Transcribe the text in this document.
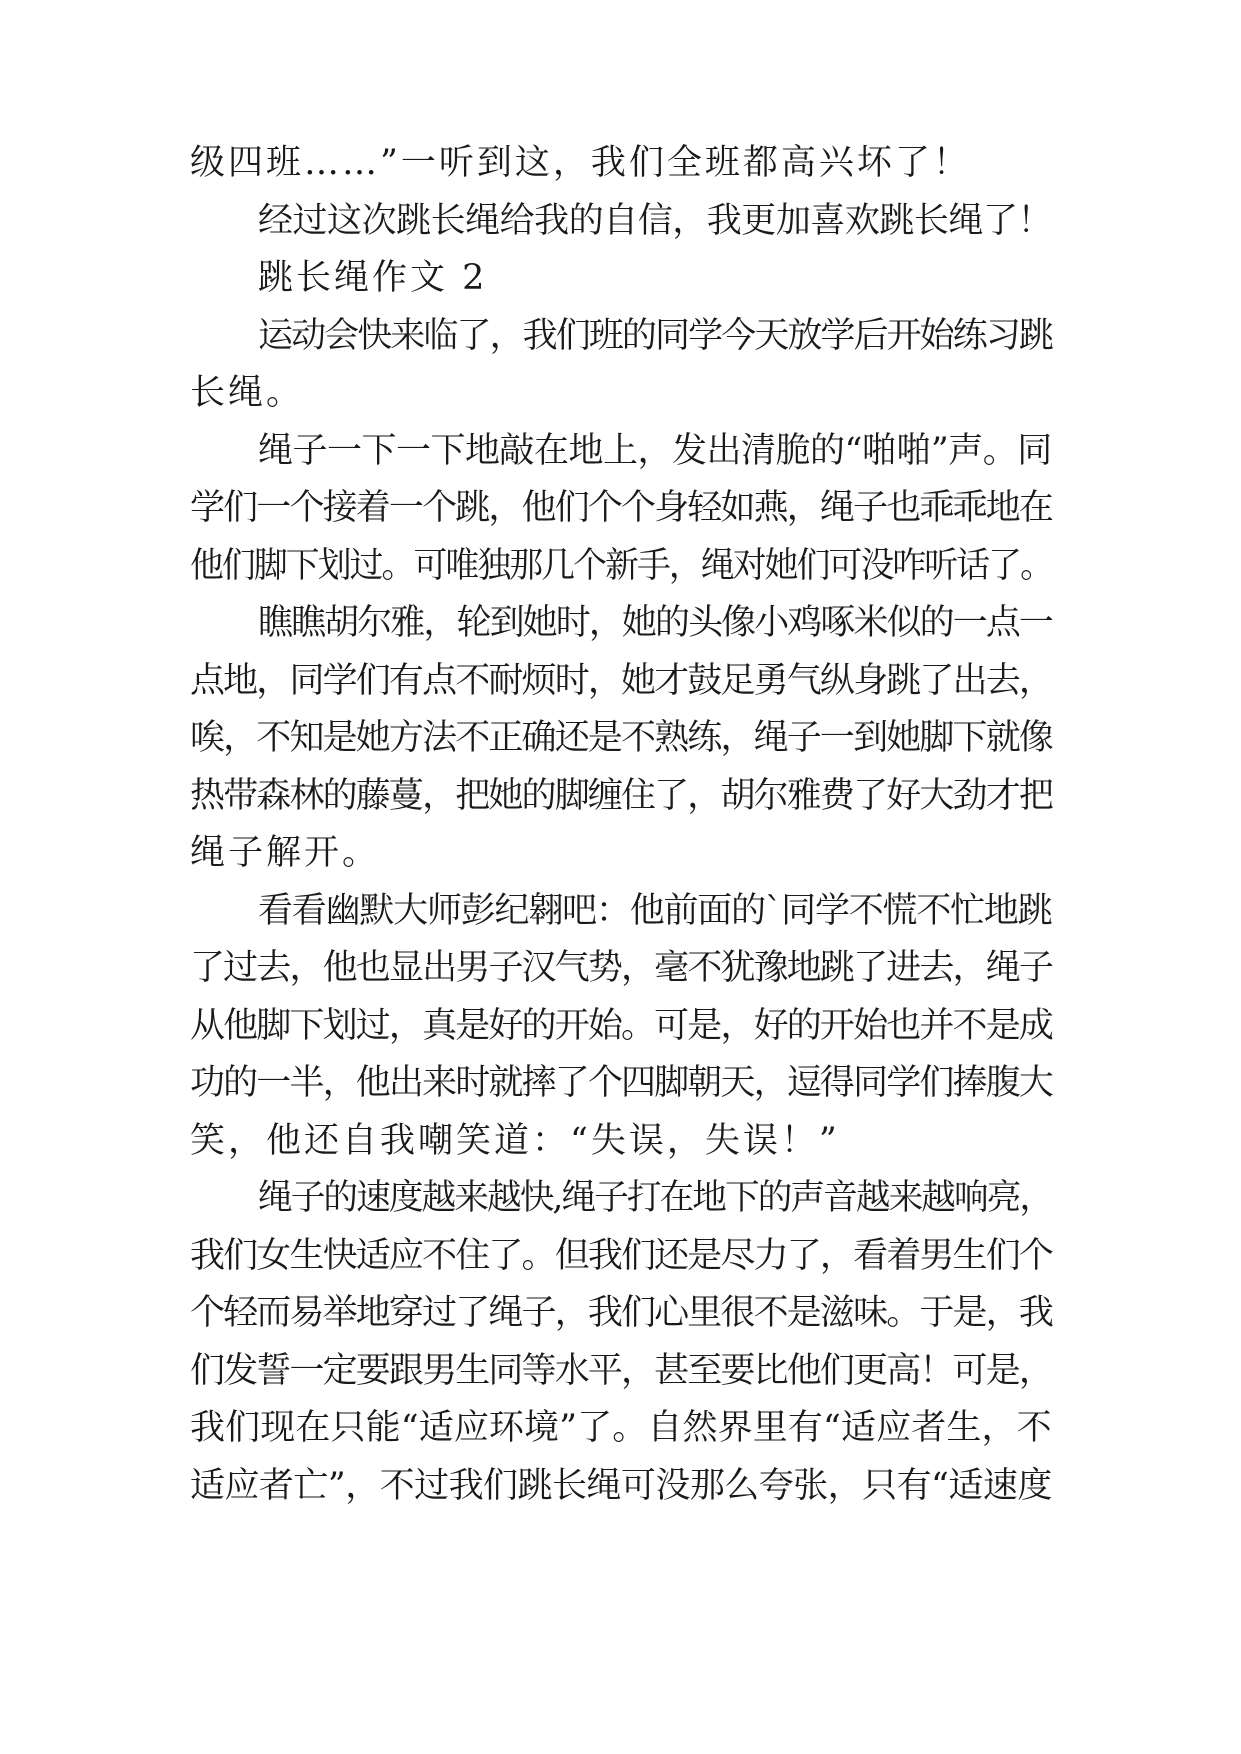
级四班……”一听到这，我们全班都高兴坏了！
经过这次跳长绳给我的自信，我更加喜欢跳长绳了！
跳长绳作文 2
运动会快来临了，我们班的同学今天放学后开始练习跳
长绳。
绳子一下一下地敲在地上，发出清脆的“啪啪”声。同
学们一个接着一个跳，他们个个身轻如燕，绳子也乖乖地在
他们脚下划过。可唯独那几个新手，绳对她们可没咋听话了。
瞧瞧胡尔雅，轮到她时，她的头像小鸡啄米似的一点一
点地，同学们有点不耐烦时，她才鼓足勇气纵身跳了出去，
唉，不知是她方法不正确还是不熟练，绳子一到她脚下就像
热带森林的藤蔓，把她的脚缠住了，胡尔雅费了好大劲才把
绳子解开。
看看幽默大师彭纪翱吧：他前面的`同学不慌不忙地跳
了过去，他也显出男子汉气势，毫不犹豫地跳了进去，绳子
从他脚下划过，真是好的开始。可是，好的开始也并不是成
功的一半，他出来时就摔了个四脚朝天，逗得同学们捧腹大
笑，他还自我嘲笑道：“失误，失误！”
绳子的速度越来越快,绳子打在地下的声音越来越响亮，
我们女生快适应不住了。但我们还是尽力了，看着男生们个
个轻而易举地穿过了绳子，我们心里很不是滋味。于是，我
们发誓一定要跟男生同等水平，甚至要比他们更高！可是，
我们现在只能“适应环境”了。自然界里有“适应者生，不
适应者亡”，不过我们跳长绳可没那么夸张，只有“适速度
